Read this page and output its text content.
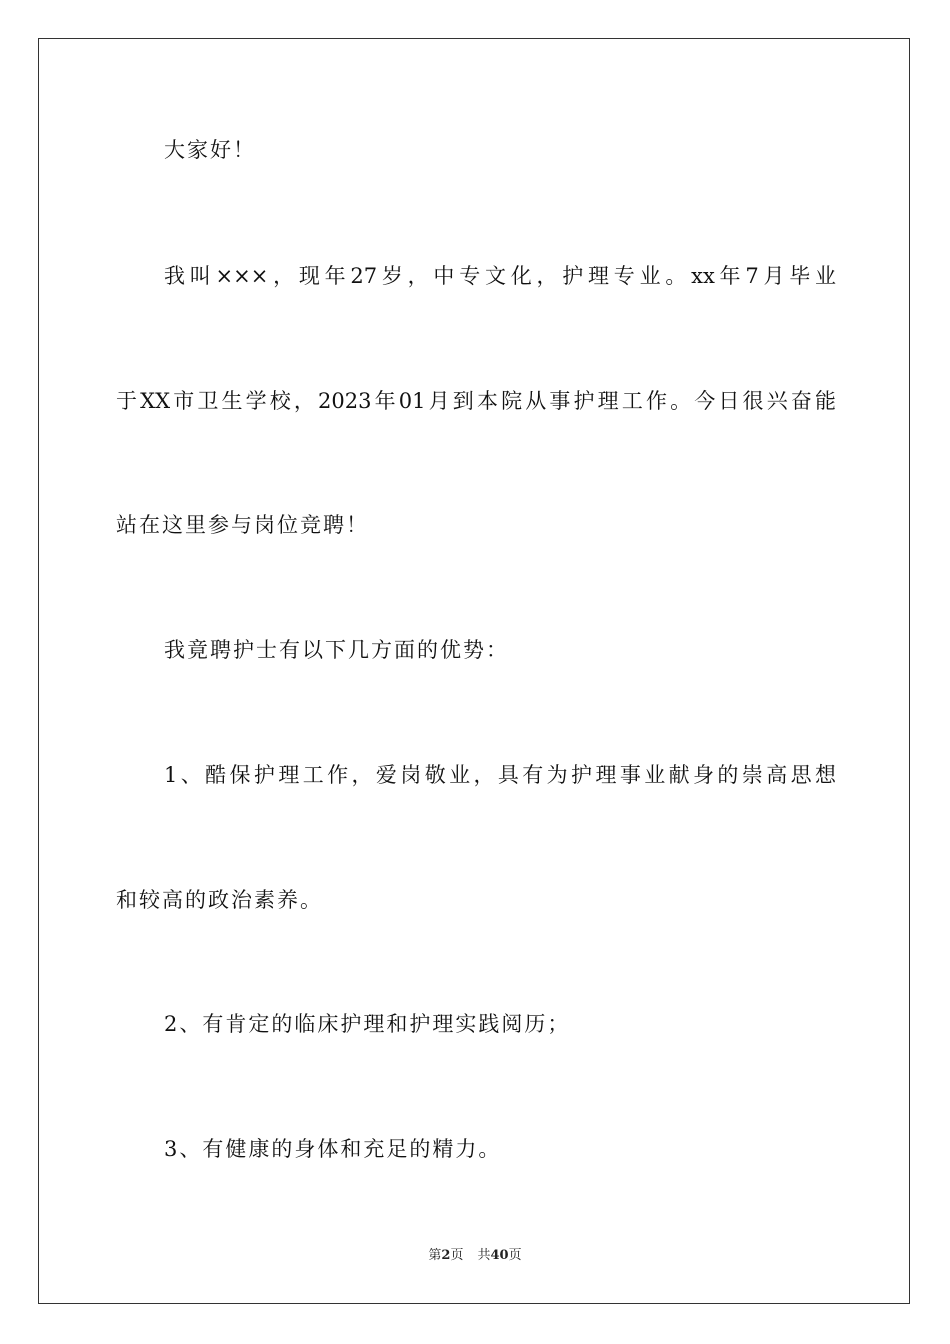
大家好！
我叫×××，现年27岁，中专文化，护理专业。xx年7月毕业
于XX市卫生学校，2023年01月到本院从事护理工作。今日很兴奋能
站在这里参与岗位竞聘！
我竟聘护士有以下几方面的优势：
1、酷保护理工作，爱岗敬业，具有为护理事业献身的崇高思想
和较高的政治素养。
2、有肯定的临床护理和护理实践阅历；
3、有健康的身体和充足的精力。
第2页 共40页
